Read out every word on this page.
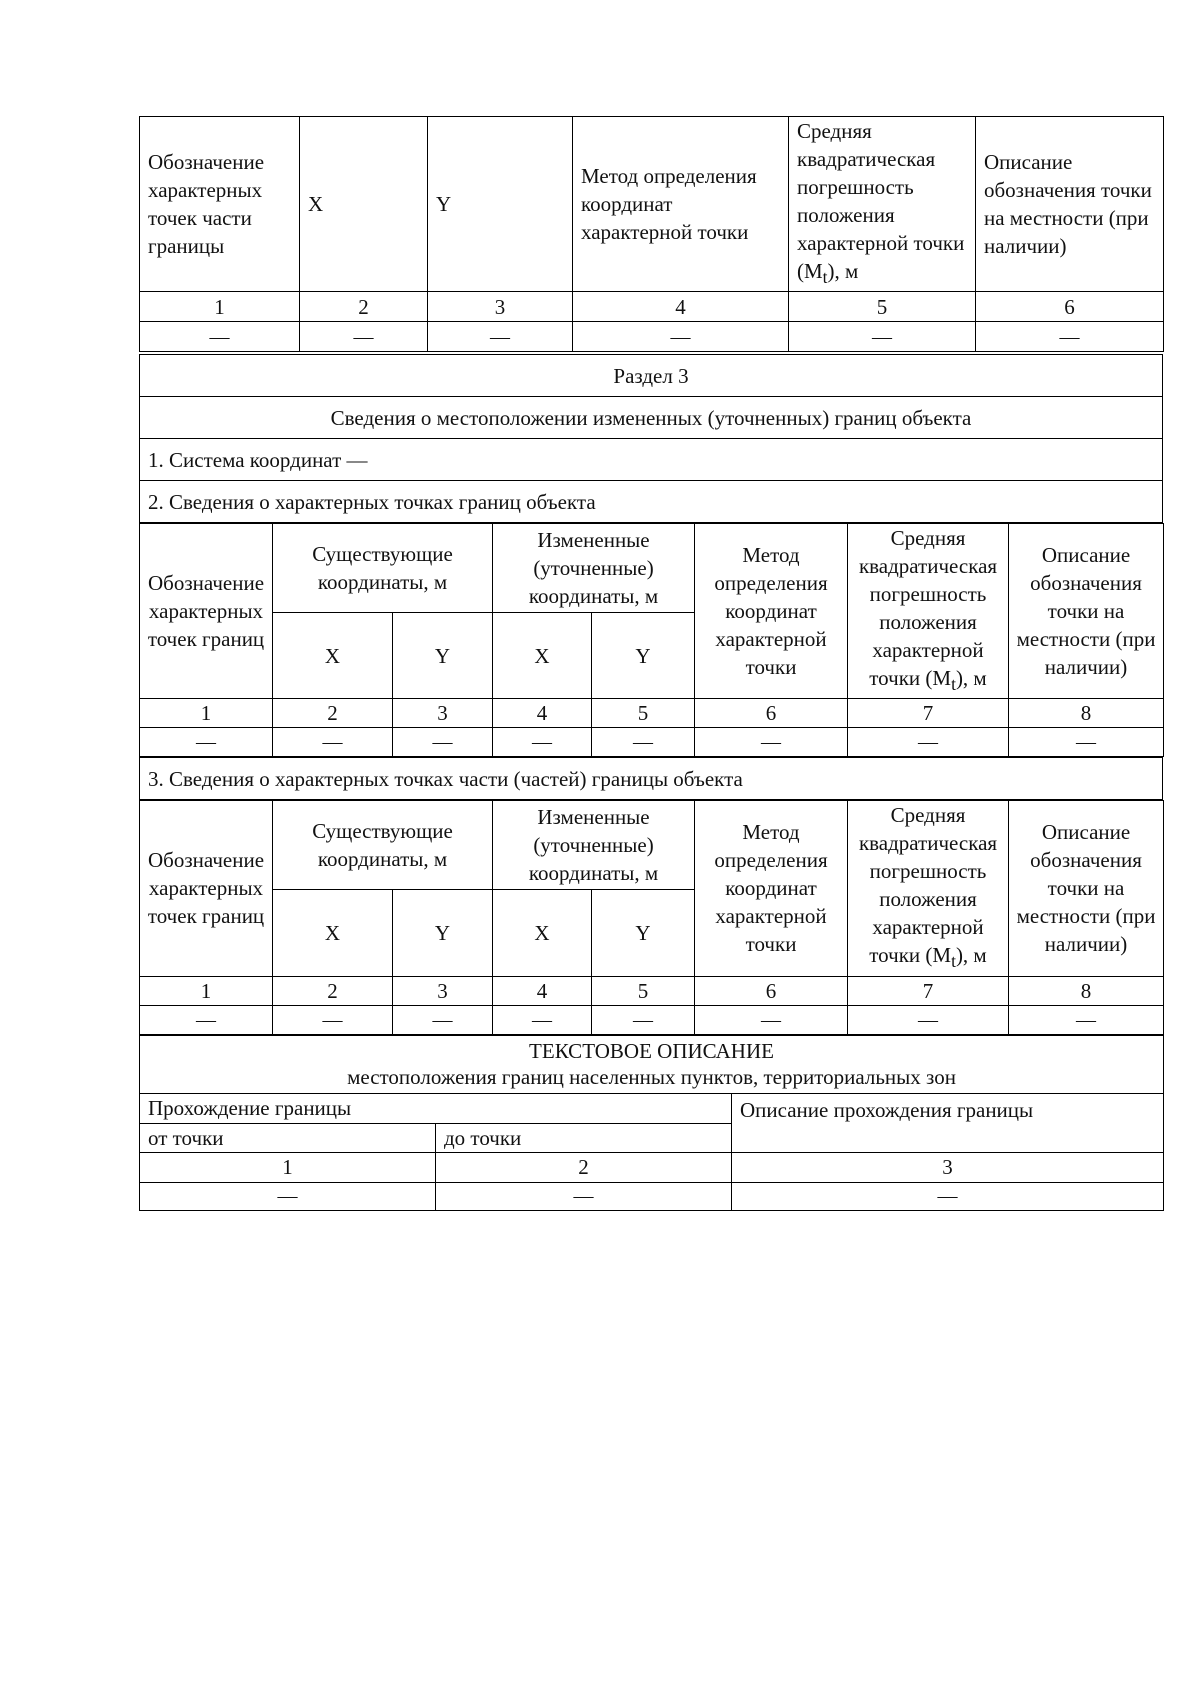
Обозначение характерных точек части границы	X	Y	Метод определения координат характерной точки	Средняя квадратическая погрешность положения характерной точки $(M_t)$, м	Описание обозначения точки на местности (при наличии)
1	2	3	4	5	6
—	—	—	—	—	—
Раздел 3
Сведения о местоположении измененных (уточненных) границ объекта
1. Система координат —
2. Сведения о характерных точках границ объекта
Обозначение характерных точек границ	Существующие координаты, м		Измененные (уточненные) координаты, м		Метод определения координат характерной точки	Средняя квадратическая погрешность положения характерной точки $(M_t)$, м	Описание обозначения точки на местности (при наличии)
	X	Y	X	Y			
1	2	3	4	5	6	7	8
—	—	—	—	—	—	—	—
3. Сведения о характерных точках части (частей) границы объекта
Обозначение характерных точек границ	Существующие координаты, м		Измененные (уточненные) координаты, м		Метод определения координат характерной точки	Средняя квадратическая погрешность положения характерной точки $(M_t)$, м	Описание обозначения точки на местности (при наличии)
	X	Y	X	Y			
1	2	3	4	5	6	7	8
—	—	—	—	—	—	—	—
ТЕКСТОВОЕ ОПИСАНИЕ
местоположения границ населенных пунктов, территориальных зон		

Прохождение границы		Описание прохождения границы
от точки	до точки	
1	2	3
—	—	—
